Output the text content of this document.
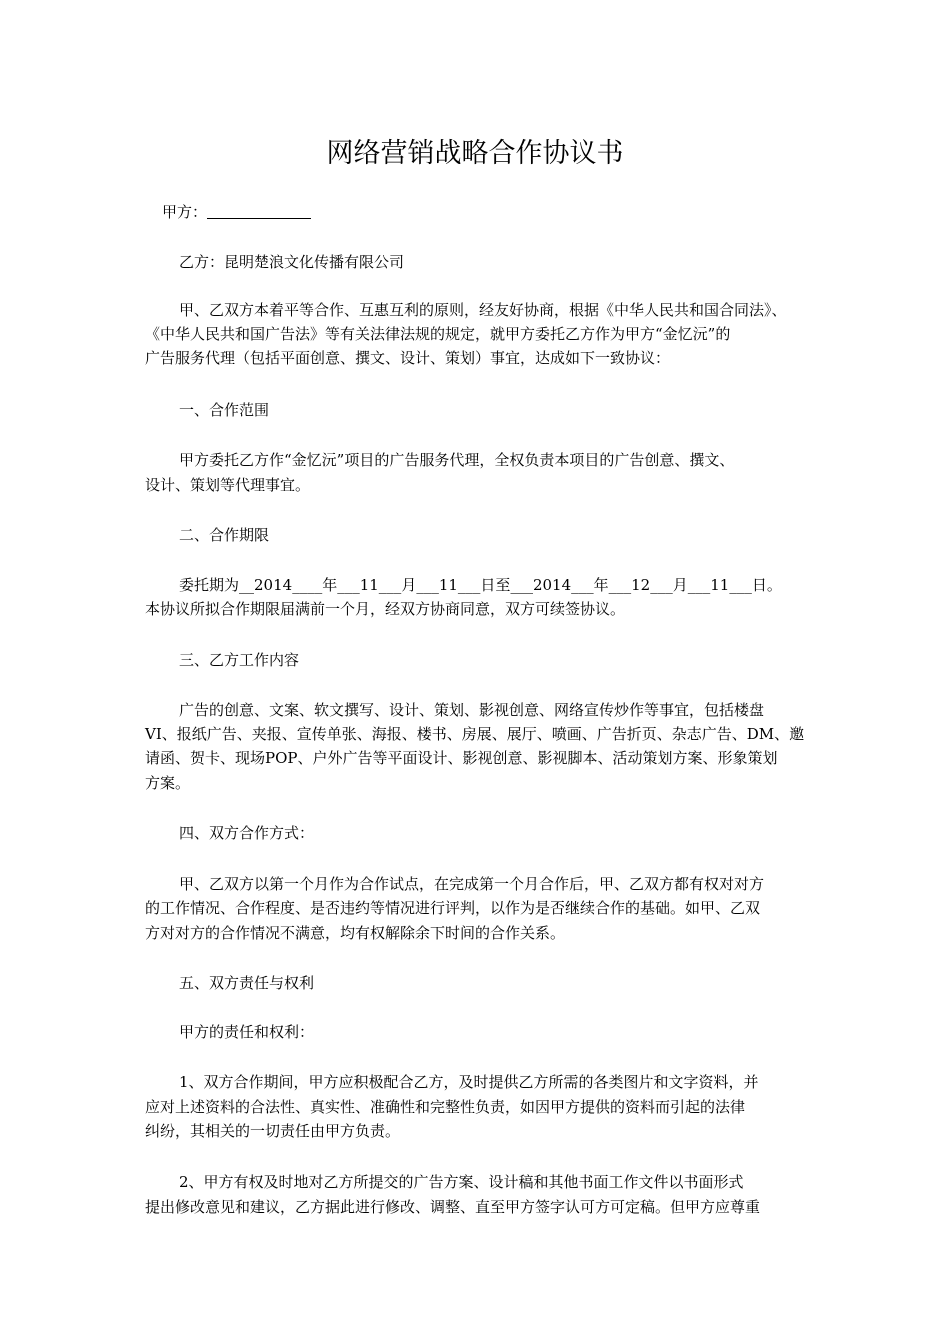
网络营销战略合作协议书
甲方：
乙方：昆明楚浪文化传播有限公司
甲、乙双方本着平等合作、互惠互利的原则，经友好协商，根据《中华人民共和国合同法》、
《中华人民共和国广告法》等有关法律法规的规定，就甲方委托乙方作为甲方“金忆沅”的
广告服务代理（包括平面创意、撰文、设计、策划）事宜，达成如下一致协议：
一、合作范围
甲方委托乙方作“金忆沅”项目的广告服务代理，全权负责本项目的广告创意、撰文、
设计、策划等代理事宜。
二、合作期限
委托期为__2014____年___11___月___11___日至___2014___年___12___月___11___日。
本协议所拟合作期限届满前一个月，经双方协商同意，双方可续签协议。
三、乙方工作内容
广告的创意、文案、软文撰写、设计、策划、影视创意、网络宣传炒作等事宜，包括楼盘
VI、报纸广告、夹报、宣传单张、海报、楼书、房展、展厅、喷画、广告折页、杂志广告、DM、邀
请函、贺卡、现场POP、户外广告等平面设计、影视创意、影视脚本、活动策划方案、形象策划
方案。
四、双方合作方式：
甲、乙双方以第一个月作为合作试点，在完成第一个月合作后，甲、乙双方都有权对对方
的工作情况、合作程度、是否违约等情况进行评判，以作为是否继续合作的基础。如甲、乙双
方对对方的合作情况不满意，均有权解除余下时间的合作关系。
五、双方责任与权利
甲方的责任和权利：
1、双方合作期间，甲方应积极配合乙方，及时提供乙方所需的各类图片和文字资料，并
应对上述资料的合法性、真实性、准确性和完整性负责，如因甲方提供的资料而引起的法律
纠纷，其相关的一切责任由甲方负责。
2、甲方有权及时地对乙方所提交的广告方案、设计稿和其他书面工作文件以书面形式
提出修改意见和建议，乙方据此进行修改、调整、直至甲方签字认可方可定稿。但甲方应尊重
